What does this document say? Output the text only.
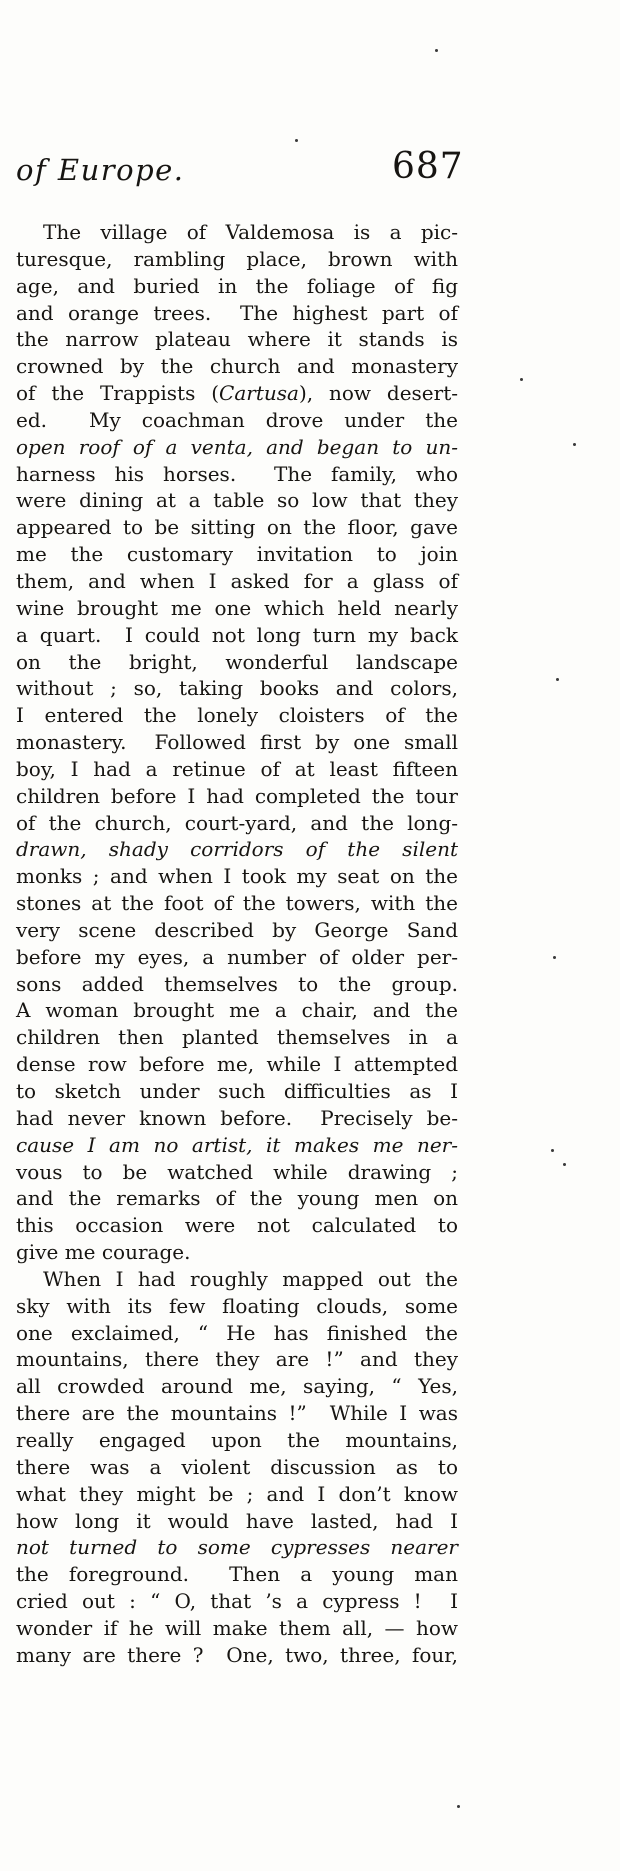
of Europe.	687
The village of Valdemosa is a pic-
turesque, rambling place, brown with
age, and buried in the foliage of fig
and orange trees.  The highest part of
the narrow plateau where it stands is
crowned by the church and monastery
of the Trappists (Cartusa), now desert-
ed.  My coachman drove under the
open roof of a venta, and began to un-
harness his horses.  The family, who
were dining at a table so low that they
appeared to be sitting on the floor, gave
me the customary invitation to join
them, and when I asked for a glass of
wine brought me one which held nearly
a quart.  I could not long turn my back
on the bright, wonderful landscape
without ; so, taking books and colors,
I entered the lonely cloisters of the
monastery.  Followed first by one small
boy, I had a retinue of at least fifteen
children before I had completed the tour
of the church, court-yard, and the long-
drawn, shady corridors of the silent
monks ; and when I took my seat on the
stones at the foot of the towers, with the
very scene described by George Sand
before my eyes, a number of older per-
sons added themselves to the group.
A woman brought me a chair, and the
children then planted themselves in a
dense row before me, while I attempted
to sketch under such difficulties as I
had never known before.  Precisely be-
cause I am no artist, it makes me ner-
vous to be watched while drawing ;
and the remarks of the young men on
this occasion were not calculated to
give me courage.
When I had roughly mapped out the
sky with its few floating clouds, some
one exclaimed, “ He has finished the
mountains, there they are !” and they
all crowded around me, saying, “ Yes,
there are the mountains !”  While I was
really engaged upon the mountains,
there was a violent discussion as to
what they might be ; and I don’t know
how long it would have lasted, had I
not turned to some cypresses nearer
the foreground.  Then a young man
cried out : “ O, that ’s a cypress !  I
wonder if he will make them all, — how
many are there ?  One, two, three, four,
